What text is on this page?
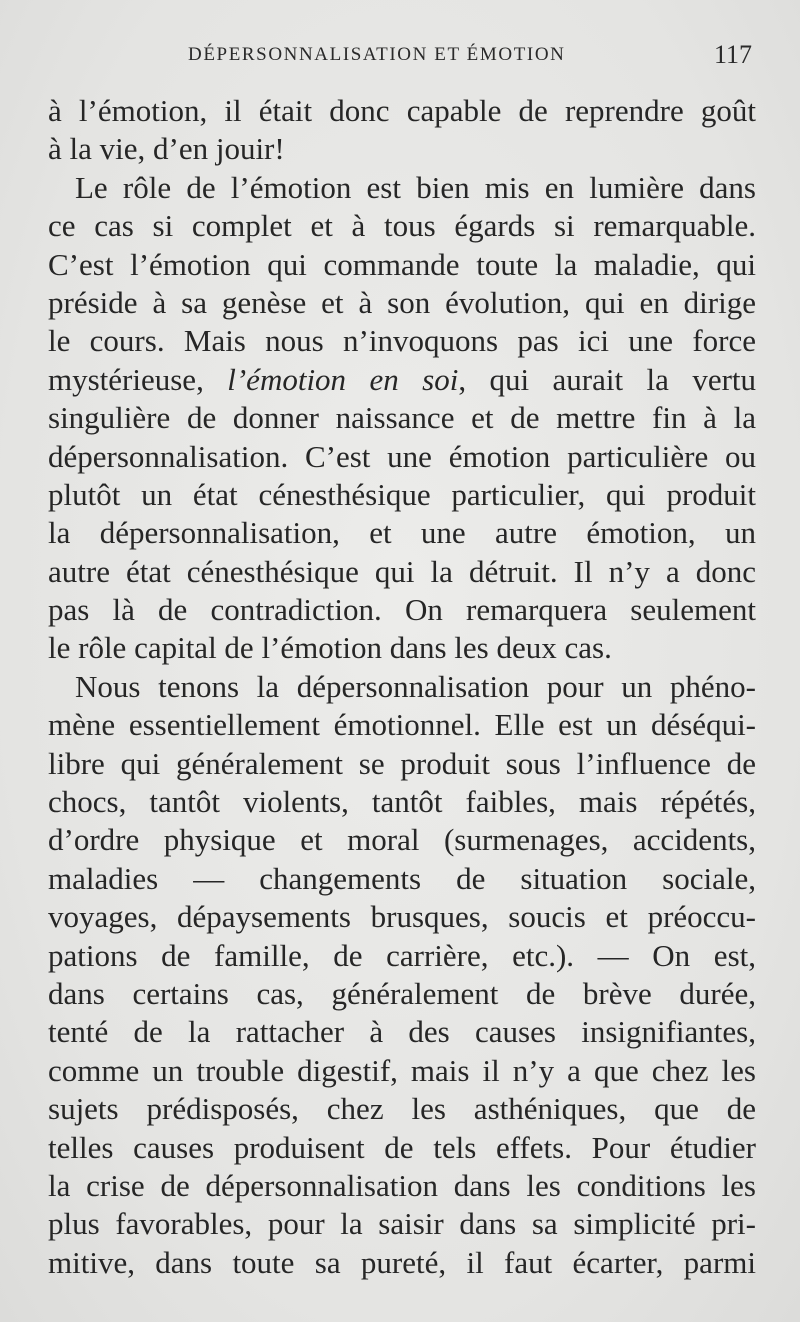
DÉPERSONNALISATION ET ÉMOTION	117
à l’émotion, il était donc capable de reprendre goût
à la vie, d’en jouir!
Le rôle de l’émotion est bien mis en lumière dans
ce cas si complet et à tous égards si remarquable.
C’est l’émotion qui commande toute la maladie, qui
préside à sa genèse et à son évolution, qui en dirige
le cours. Mais nous n’invoquons pas ici une force
mystérieuse, l’émotion en soi, qui aurait la vertu
singulière de donner naissance et de mettre fin à la
dépersonnalisation. C’est une émotion particulière ou
plutôt un état cénesthésique particulier, qui produit
la dépersonnalisation, et une autre émotion, un
autre état cénesthésique qui la détruit. Il n’y a donc
pas là de contradiction. On remarquera seulement
le rôle capital de l’émotion dans les deux cas.
Nous tenons la dépersonnalisation pour un phéno-
mène essentiellement émotionnel. Elle est un déséqui-
libre qui généralement se produit sous l’influence de
chocs, tantôt violents, tantôt faibles, mais répétés,
d’ordre physique et moral (surmenages, accidents,
maladies — changements de situation sociale,
voyages, dépaysements brusques, soucis et préoccu-
pations de famille, de carrière, etc.). — On est,
dans certains cas, généralement de brève durée,
tenté de la rattacher à des causes insignifiantes,
comme un trouble digestif, mais il n’y a que chez les
sujets prédisposés, chez les asthéniques, que de
telles causes produisent de tels effets. Pour étudier
la crise de dépersonnalisation dans les conditions les
plus favorables, pour la saisir dans sa simplicité pri-
mitive, dans toute sa pureté, il faut écarter, parmi
